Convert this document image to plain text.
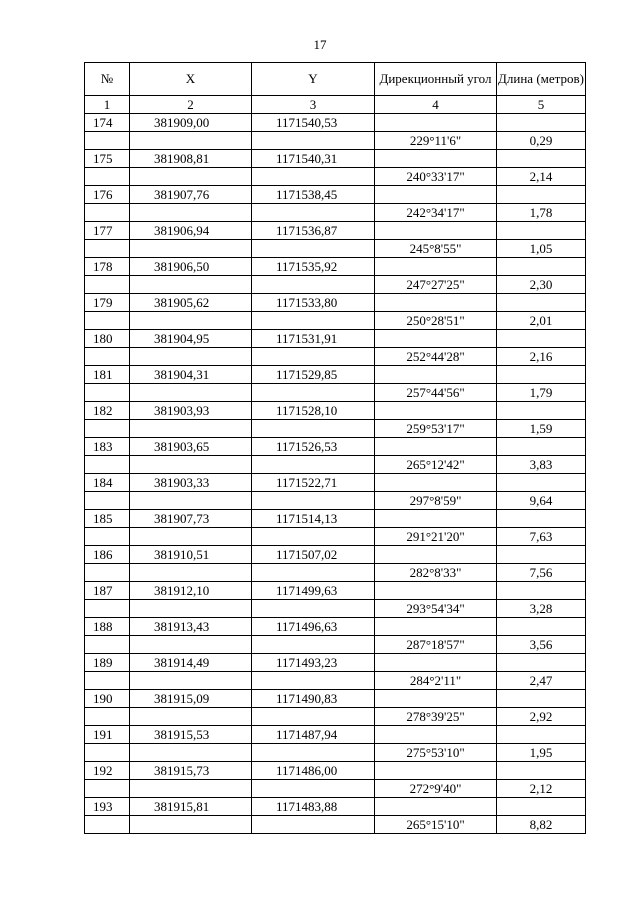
17
№	X	Y	Дирекционный угол	Длина (метров)
1	2	3	4	5
174	381909,00	1171540,53		
			229°11'6"	0,29
175	381908,81	1171540,31		
			240°33'17"	2,14
176	381907,76	1171538,45		
			242°34'17"	1,78
177	381906,94	1171536,87		
			245°8'55"	1,05
178	381906,50	1171535,92		
			247°27'25"	2,30
179	381905,62	1171533,80		
			250°28'51"	2,01
180	381904,95	1171531,91		
			252°44'28"	2,16
181	381904,31	1171529,85		
			257°44'56"	1,79
182	381903,93	1171528,10		
			259°53'17"	1,59
183	381903,65	1171526,53		
			265°12'42"	3,83
184	381903,33	1171522,71		
			297°8'59"	9,64
185	381907,73	1171514,13		
			291°21'20"	7,63
186	381910,51	1171507,02		
			282°8'33"	7,56
187	381912,10	1171499,63		
			293°54'34"	3,28
188	381913,43	1171496,63		
			287°18'57"	3,56
189	381914,49	1171493,23		
			284°2'11"	2,47
190	381915,09	1171490,83		
			278°39'25"	2,92
191	381915,53	1171487,94		
			275°53'10"	1,95
192	381915,73	1171486,00		
			272°9'40"	2,12
193	381915,81	1171483,88		
			265°15'10"	8,82
